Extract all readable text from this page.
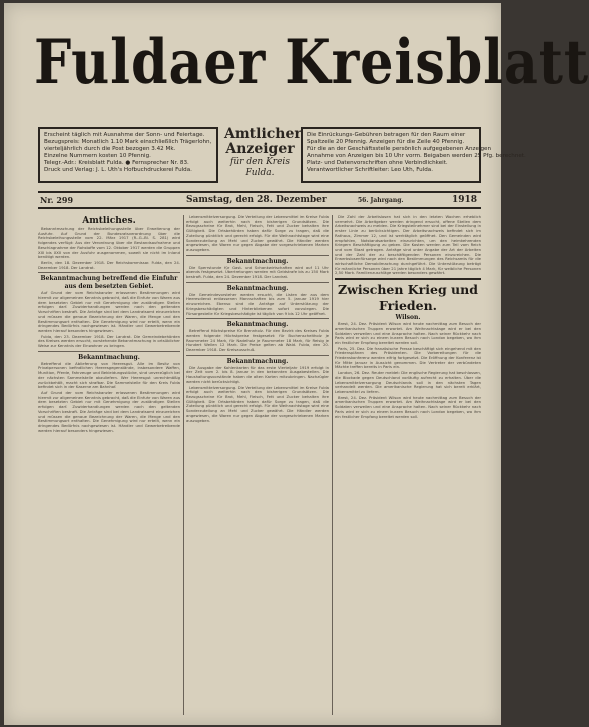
Fuldaer Kreisblatt
Erscheint täglich mit Ausnahme der Sonn- und Feiertage.
Bezugspreis: Monatlich 1.10 Mark einschließlich Trägerlohn,
vierteljährlich durch die Post bezogen 3.42 Mk.
Einzelne Nummern kosten 10 Pfennig.
Telegr.-Adr.: Kreisblatt Fulda. ● Fernsprecher Nr. 83.
Druck und Verlag: J. L. Uth's Hofbuchdruckerei Fulda.
Amtlicher
Anzeiger
für den Kreis
Fulda.
Die Einrückungs-Gebühren betragen für den Raum einer
Spaltzeile 20 Pfennig. Anzeigen für die Zeile 40 Pfennig.
Für die an der Geschäftsstelle persönlich aufgegebenen Anzeigen
Annahme von Anzeigen bis 10 Uhr vorm. Beigaben werden 25 Pfg. berechnet.
Platz- und Datenvorschriften ohne Verbindlichkeit.
Verantwortlicher Schriftleiter: Leo Uth, Fulda.
Nr. 299	Samstag, den 28. Dezember	56. Jahrgang.	1918
Amtliches.

Bekanntmachung der Reichsbeleihungsstelle über Erweiterung der Ausfuhr. Auf Grund der Bundesratsverordnung über die Reichsbeleihungsstelle vom 22. März 1917 (R.-G.-Bl. S. 281) wird folgendes verfügt: Aus der Verordnung über die Bestandsaufnahme und Beschlagnahme der Rohstoffe vom 12. Oktober 1917 werden die Gruppen XXI bis XXII von der Ausfuhr ausgenommen, soweit sie nicht im Inland benötigt werden.

Berlin, den 18. Dezember 1918. Der Reichskommissar. Fulda, den 24. Dezember 1918. Der Landrat.

Bekanntmachung betreffend die Einfuhr aus dem besetzten Gebiet.

Auf Grund der vom Reichskanzler erlassenen Bestimmungen wird hiermit zur allgemeinen Kenntnis gebracht, daß die Einfuhr von Waren aus dem besetzten Gebiet nur mit Genehmigung der zuständigen Stellen erfolgen darf. Zuwiderhandlungen werden nach den geltenden Vorschriften bestraft. Die Anträge sind bei dem Landratsamt einzureichen und müssen die genaue Bezeichnung der Waren, die Menge und den Bestimmungsort enthalten. Die Genehmigung wird nur erteilt, wenn ein dringendes Bedürfnis nachgewiesen ist. Händler und Gewerbetreibende werden hierauf besonders hingewiesen.

Fulda, den 23. Dezember 1918. Der Landrat. Die Gemeindebehörden des Kreises werden ersucht, vorstehende Bekanntmachung in ortsüblicher Weise zur Kenntnis der Einwohner zu bringen.

Bekanntmachung.

Betreffend die Ablieferung von Heeresgut. Alle im Besitz von Privatpersonen befindlichen Heeresgegenstände, insbesondere Waffen, Munition, Pferde, Fahrzeuge und Bekleidungsstücke, sind unverzüglich bei der nächsten Sammelstelle abzuliefern. Wer Heeresgut unrechtmäßig zurückbehält, macht sich strafbar. Die Sammelstelle für den Kreis Fulda befindet sich in der Kaserne am Bahnhof.

Auf Grund der vom Reichskanzler erlassenen Bestimmungen wird hiermit zur allgemeinen Kenntnis gebracht, daß die Einfuhr von Waren aus dem besetzten Gebiet nur mit Genehmigung der zuständigen Stellen erfolgen darf. Zuwiderhandlungen werden nach den geltenden Vorschriften bestraft. Die Anträge sind bei dem Landratsamt einzureichen und müssen die genaue Bezeichnung der Waren, die Menge und den Bestimmungsort enthalten. Die Genehmigung wird nur erteilt, wenn ein dringendes Bedürfnis nachgewiesen ist. Händler und Gewerbetreibende werden hierauf besonders hingewiesen.

Lebensmittelversorgung. Die Verteilung der Lebensmittel im Kreise Fulda erfolgt auch weiterhin nach den bisherigen Grundsätzen. Die Bezugsscheine für Brot, Mehl, Fleisch, Fett und Zucker behalten ihre Gültigkeit. Die Ortsbehörden haben dafür Sorge zu tragen, daß die Zuteilung pünktlich und gerecht erfolgt. Für die Weihnachtstage wird eine Sonderzuteilung an Mehl und Zucker gewährt. Die Händler werden angewiesen, die Waren nur gegen Abgabe der vorgeschriebenen Marken auszugeben.

Bekanntmachung.

Die Sperrstunde für Gast- und Schankwirtschaften wird auf 11 Uhr abends festgesetzt. Übertretungen werden mit Geldstrafe bis zu 150 Mark bestraft. Fulda, den 24. Dezember 1918. Der Landrat.

Bekanntmachung.

Die Gemeindevorsteher werden ersucht, die Listen der aus dem Heeresdienst entlassenen Mannschaften bis zum 5. Januar 1919 hier einzureichen. Ebenso sind die Anträge auf Unterstützung der Kriegsbeschädigten und Hinterbliebenen sofort vorzulegen. Die Fürsorgestelle für Kriegsbeschädigte ist täglich von 9 bis 12 Uhr geöffnet.

Bekanntmachung.

Betreffend Höchstpreise für Brennholz. Für den Bezirk des Kreises Fulda werden folgende Höchstpreise festgesetzt: für Buchenscheitholz je Raummeter 24 Mark, für Nadelholz je Raummeter 18 Mark, für Reisig je Hundert Wellen 12 Mark. Die Preise gelten ab Wald. Fulda, den 20. Dezember 1918. Der Kreisausschuß.

Bekanntmachung.

Die Ausgabe der Kohlenkarten für das erste Vierteljahr 1919 erfolgt in der Zeit vom 2. bis 8. Januar in den bekannten Ausgabestellen. Die Haushaltungsvorstände haben die alten Karten mitzubringen. Nachzügler werden nicht berücksichtigt.

Lebensmittelversorgung. Die Verteilung der Lebensmittel im Kreise Fulda erfolgt auch weiterhin nach den bisherigen Grundsätzen. Die Bezugsscheine für Brot, Mehl, Fleisch, Fett und Zucker behalten ihre Gültigkeit. Die Ortsbehörden haben dafür Sorge zu tragen, daß die Zuteilung pünktlich und gerecht erfolgt. Für die Weihnachtstage wird eine Sonderzuteilung an Mehl und Zucker gewährt. Die Händler werden angewiesen, die Waren nur gegen Abgabe der vorgeschriebenen Marken auszugeben.

Die Zahl der Arbeitslosen hat sich in den letzten Wochen erheblich vermehrt. Die Arbeitgeber werden dringend ersucht, offene Stellen dem Arbeitsnachweis zu melden. Die Kriegsteilnehmer sind bei der Einstellung in erster Linie zu berücksichtigen. Der Arbeitsnachweis befindet sich im Rathaus, Zimmer 12, und ist werktäglich geöffnet. Den Gemeinden wird empfohlen, Notstandsarbeiten einzurichten, um den heimkehrenden Kriegern Beschäftigung zu geben. Die Kosten werden zum Teil vom Reich und vom Staat getragen. Anträge sind unter Angabe der Art der Arbeiten und der Zahl der zu beschäftigenden Personen einzureichen. Die Erwerbslosenfürsorge wird nach den Bestimmungen des Reichsamts für die wirtschaftliche Demobilmachung durchgeführt. Die Unterstützung beträgt für männliche Personen über 21 Jahre täglich 4 Mark, für weibliche Personen 2,50 Mark. Familienzuschläge werden besonders gewährt.

Zwischen Krieg und Frieden.
Wilson.

Brest, 24. Dez. Präsident Wilson wird heute nachmittag zum Besuch der amerikanischen Truppen erwartet. Am Weihnachtstage wird er bei den Soldaten verweilen und eine Ansprache halten. Nach seiner Rückkehr nach Paris wird er sich zu einem kurzen Besuch nach London begeben, wo ihm ein festlicher Empfang bereitet werden soll.

Paris, 25. Dez. Die französische Presse beschäftigt sich eingehend mit den Friedensplänen des Präsidenten. Die Vorbereitungen für die Friedenskonferenz werden eifrig fortgesetzt. Die Eröffnung der Konferenz ist für Mitte Januar in Aussicht genommen. Die Vertreter der verbündeten Mächte treffen bereits in Paris ein.

London, 26. Dez. Reuter meldet: Die englische Regierung hat beschlossen, die Blockade gegen Deutschland vorläufig aufrecht zu erhalten. Über die Lebensmittelversorgung Deutschlands soll in den nächsten Tagen verhandelt werden. Die amerikanische Regierung hat sich bereit erklärt, Lebensmittel zu liefern.

Brest, 24. Dez. Präsident Wilson wird heute nachmittag zum Besuch der amerikanischen Truppen erwartet. Am Weihnachtstage wird er bei den Soldaten verweilen und eine Ansprache halten. Nach seiner Rückkehr nach Paris wird er sich zu einem kurzen Besuch nach London begeben, wo ihm ein festlicher Empfang bereitet werden soll.
